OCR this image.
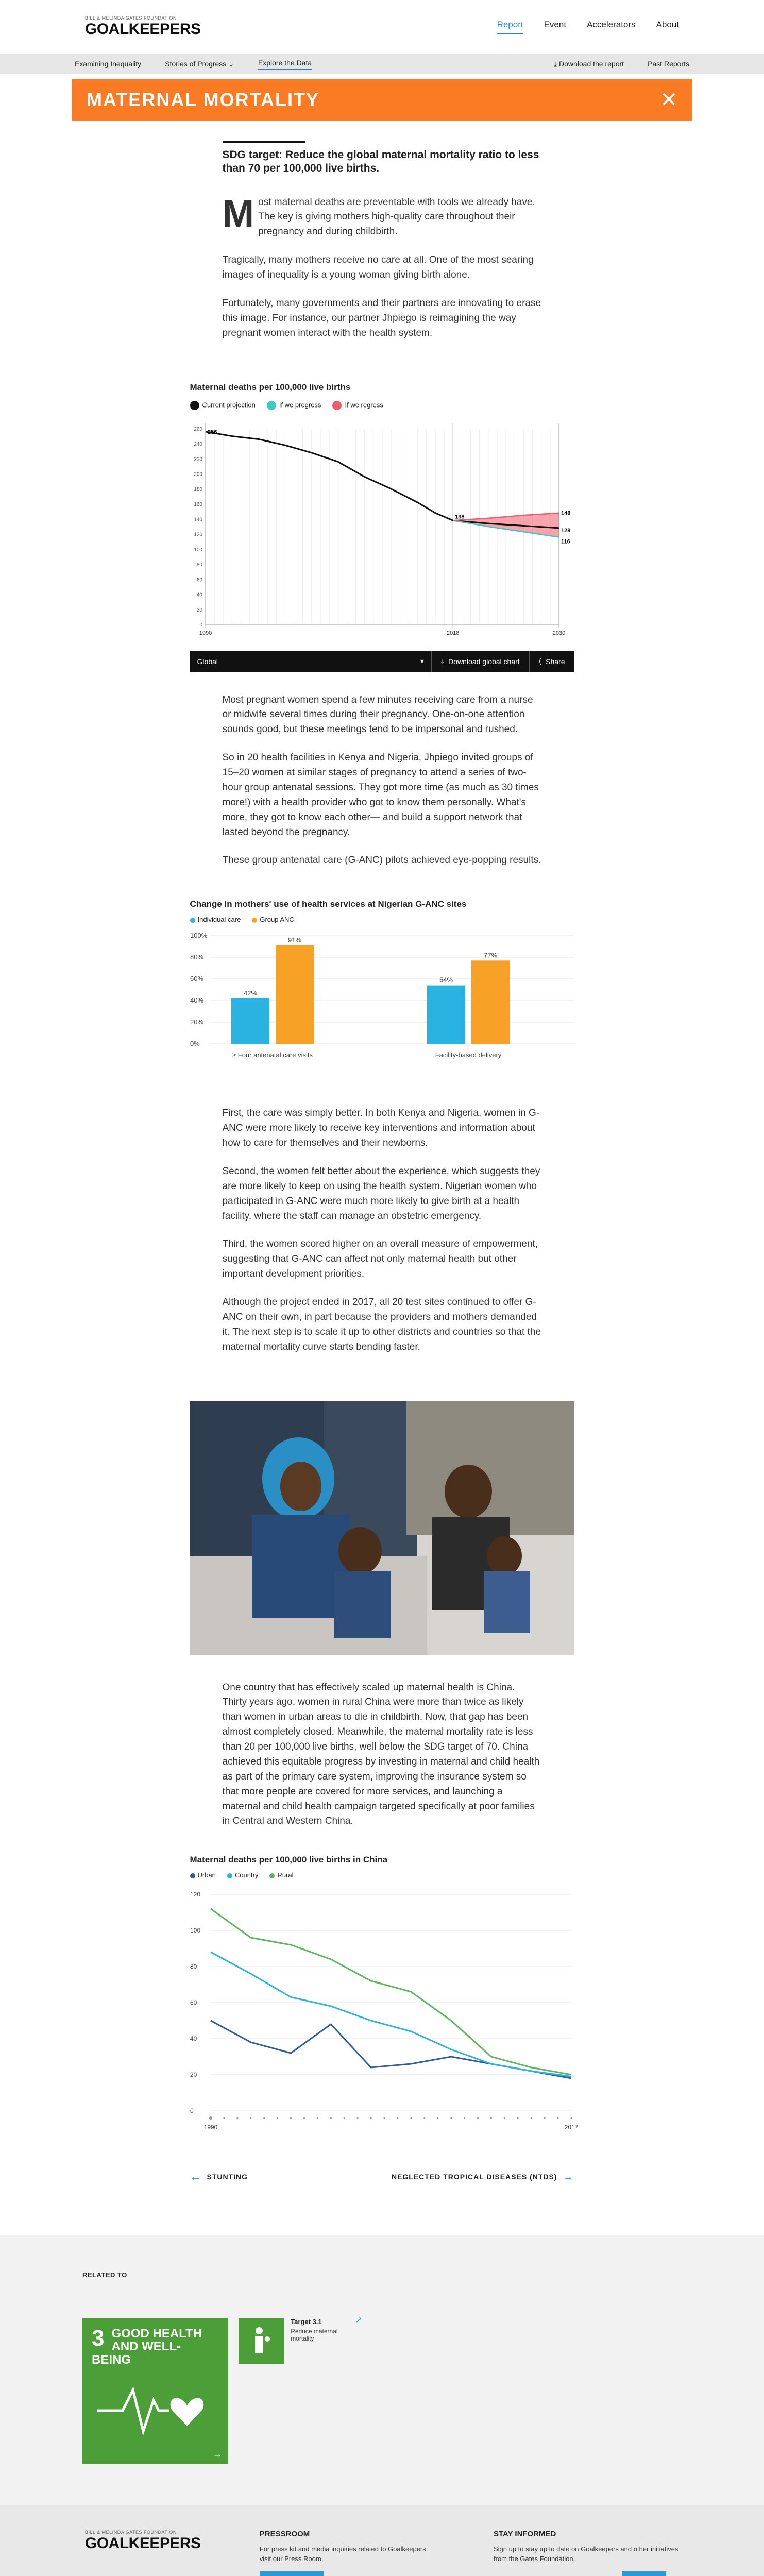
BILL & MELINDA GATES FOUNDATION
GOALKEEPERS	Report Event Accelerators About
Examining Inequality	Stories of Progress ⌄	Explore the Data	⤓ Download the report	Past Reports
MATERNAL MORTALITY	✕
SDG target: Reduce the global maternal mortality ratio to less than 70 per 100,000 live births.
Most maternal deaths are preventable with tools we already have. The key is giving mothers high-quality care throughout their pregnancy and during childbirth.
Tragically, many mothers receive no care at all. One of the most searing images of inequality is a young woman giving birth alone.
Fortunately, many governments and their partners are innovating to erase this image. For instance, our partner Jhpiego is reimagining the way pregnant women interact with the health system.
Maternal deaths per 100,000 live births
Current projection	If we progress	If we regress
0
20
40
60
80
100
120
140
160
180
200
220
240
260
1990	2018	2030
256
138
148
128
116
Global	▾ ⤓ Download global chart	⟨ Share
Most pregnant women spend a few minutes receiving care from a nurse or midwife several times during their pregnancy. One-on-one attention sounds good, but these meetings tend to be impersonal and rushed.
So in 20 health facilities in Kenya and Nigeria, Jhpiego invited groups of 15–20 women at similar stages of pregnancy to attend a series of two- hour group antenatal sessions. They got more time (as much as 30 times more!) with a health provider who got to know them personally. What's more, they got to know each other— and build a support network that lasted beyond the pregnancy.
These group antenatal care (G-ANC) pilots achieved eye-popping results.
Change in mothers' use of health services at Nigerian G-ANC sites
Individual care	Group ANC
0%
20%
40%
60%
80%
100%
42%
91%
≥ Four antenatal care visits
54%
77%
Facility-based delivery
First, the care was simply better. In both Kenya and Nigeria, women in G-ANC were more likely to receive key interventions and information about how to care for themselves and their newborns.
Second, the women felt better about the experience, which suggests they are more likely to keep on using the health system. Nigerian women who participated in G-ANC were much more likely to give birth at a health facility, where the staff can manage an obstetric emergency.
Third, the women scored higher on an overall measure of empowerment, suggesting that G-ANC can affect not only maternal health but other important development priorities.
Although the project ended in 2017, all 20 test sites continued to offer G-ANC on their own, in part because the providers and mothers demanded it. The next step is to scale it up to other districts and countries so that the maternal mortality curve starts bending faster.
One country that has effectively scaled up maternal health is China. Thirty years ago, women in rural China were more than twice as likely than women in urban areas to die in childbirth. Now, that gap has been almost completely closed. Meanwhile, the maternal mortality rate is less than 20 per 100,000 live births, well below the SDG target of 70. China achieved this equitable progress by investing in maternal and child health as part of the primary care system, improving the insurance system so that more people are covered for more services, and launching a maternal and child health campaign targeted specifically at poor families in Central and Western China.
Maternal deaths per 100,000 live births in China
Urban	Country	Rural
0
20
40
60
80
100
120
1990	2017
← STUNTING	NEGLECTED TROPICAL DISEASES (NTDS) →
RELATED TO
3 GOOD HEALTH AND WELL-BEING
→
Target 3.1
Reduce maternal mortality
↗
BILL & MELINDA GATES FOUNDATION
GOALKEEPERS
PRESSROOM

For press kit and media inquiries related to Goalkeepers, visit our Press Room.

STAY INFORMED

Sign up to stay up to date on Goalkeepers and other initiatives from the Gates Foundation.
